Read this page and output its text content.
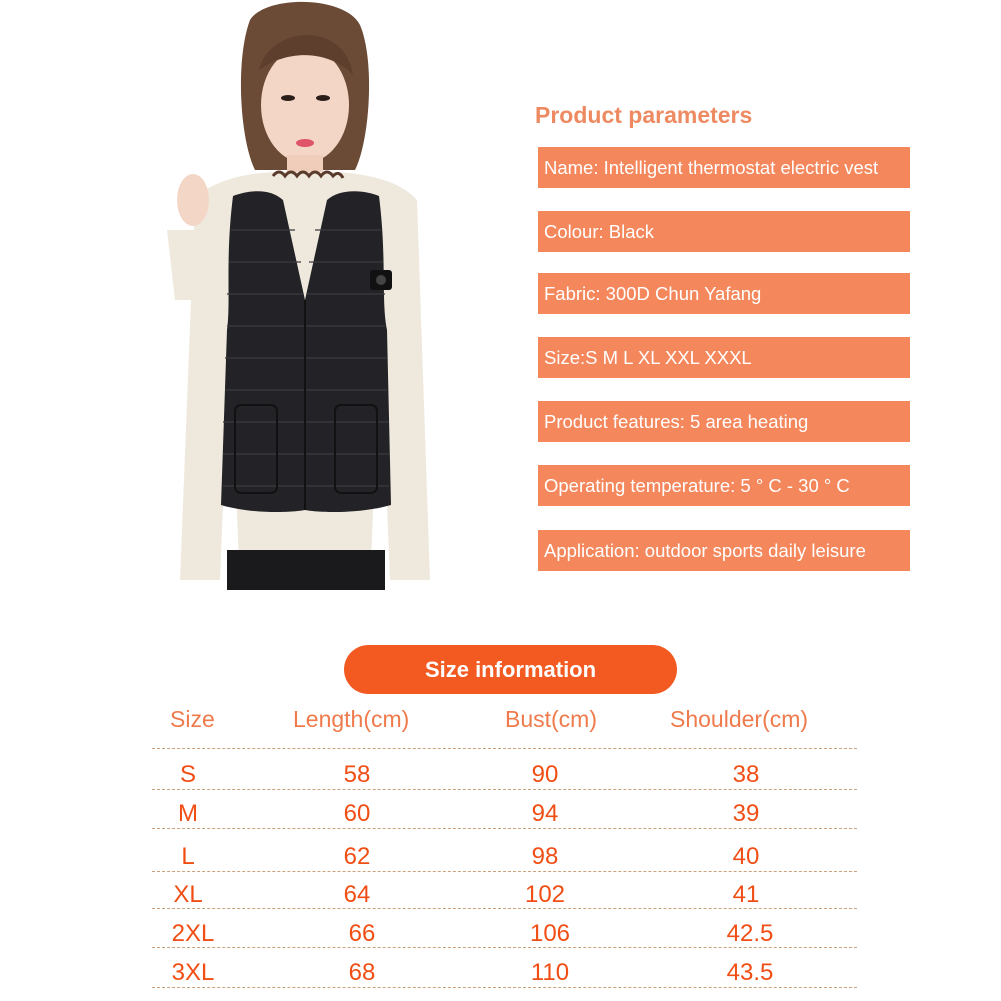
Product parameters
Name: Intelligent thermostat electric vest
Colour: Black
Fabric: 300D Chun Yafang
Size:S M L XL XXL XXXL
Product features: 5 area heating
Operating temperature: 5 ° C - 30 ° C
Application: outdoor sports daily leisure
Size information
Size	Length(cm)	Bust(cm)	Shoulder(cm)
S	58	90	38
M	60	94	39
L	62	98	40
XL	64	102	41
2XL	66	106	42.5
3XL	68	110	43.5
